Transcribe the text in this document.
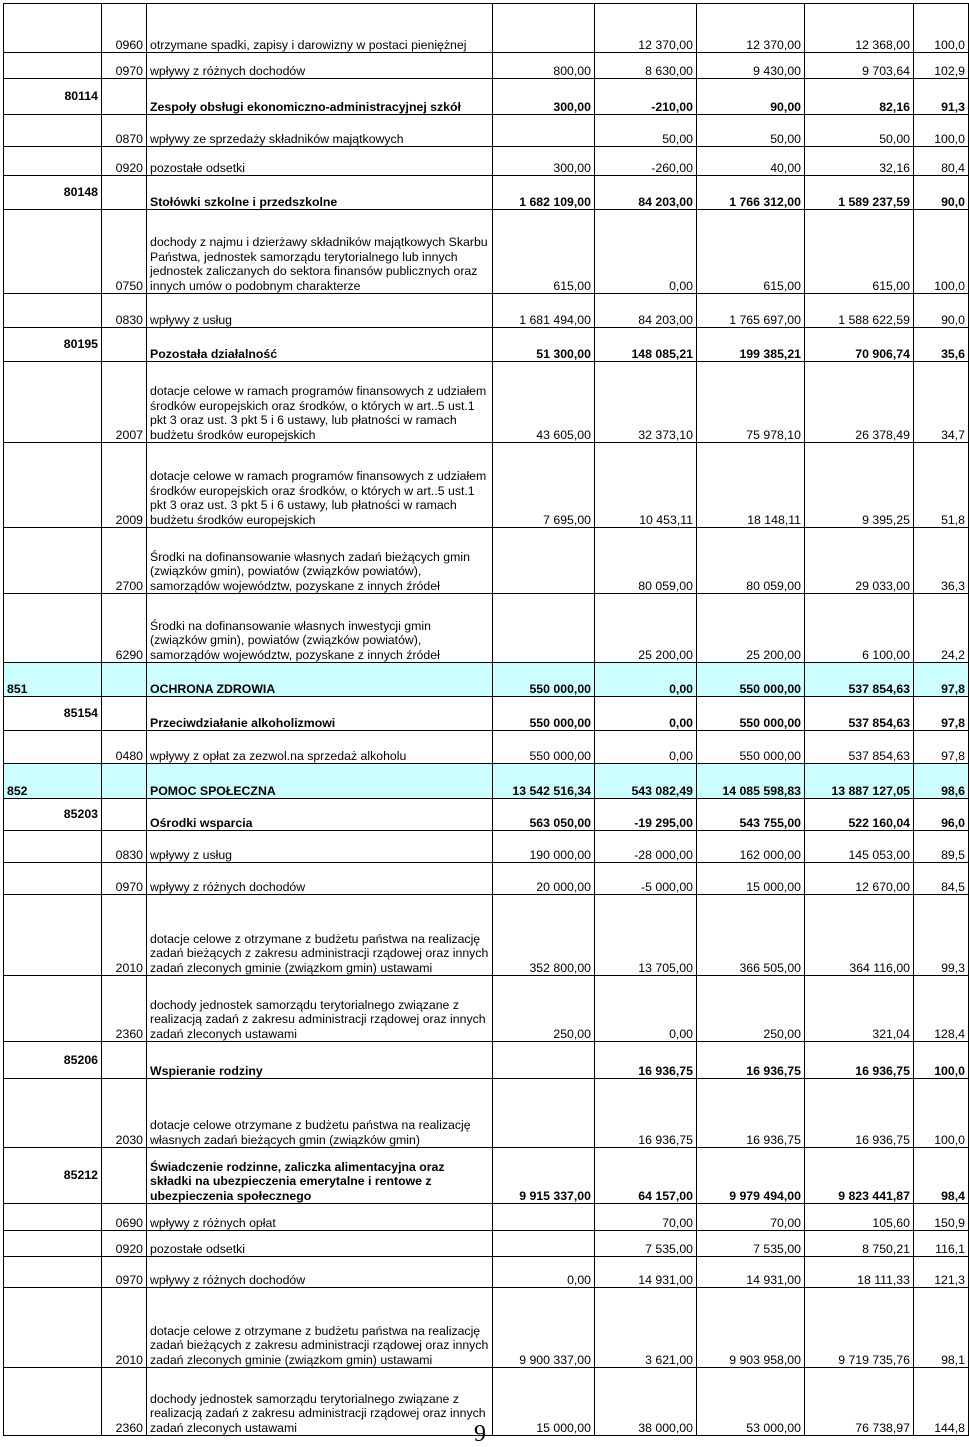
	0960	otrzymane spadki, zapisy i darowizny w postaci pieniężnej		12 370,00	12 370,00	12 368,00	100,0

	0970	wpływy z różnych dochodów	800,00	8 630,00	9 430,00	9 703,64	102,9

80114		Zespoły obsługi ekonomiczno-administracyjnej szkół	300,00	-210,00	90,00	82,16	91,3

	0870	wpływy ze sprzedaży składników majątkowych		50,00	50,00	50,00	100,0

	0920	pozostałe odsetki	300,00	-260,00	40,00	32,16	80,4

80148		Stołówki szkolne i przedszkolne	1 682 109,00	84 203,00	1 766 312,00	1 589 237,59	90,0

	0750	dochody z najmu i dzierżawy składników majątkowych Skarbu Państwa, jednostek samorządu terytorialnego lub innych jednostek zaliczanych do sektora finansów publicznych oraz innych umów o podobnym charakterze	615,00	0,00	615,00	615,00	100,0

	0830	wpływy z usług	1 681 494,00	84 203,00	1 765 697,00	1 588 622,59	90,0

80195		Pozostała działalność	51 300,00	148 085,21	199 385,21	70 906,74	35,6

	2007	dotacje celowe w ramach programów finansowych z udziałem środków europejskich oraz środków, o których w art..5 ust.1 pkt 3 oraz ust. 3 pkt 5 i 6 ustawy, lub płatności w ramach budżetu środków europejskich	43 605,00	32 373,10	75 978,10	26 378,49	34,7

	2009	dotacje celowe w ramach programów finansowych z udziałem środków europejskich oraz środków, o których w art..5 ust.1 pkt 3 oraz ust. 3 pkt 5 i 6 ustawy, lub płatności w ramach budżetu środków europejskich	7 695,00	10 453,11	18 148,11	9 395,25	51,8

	2700	Środki na dofinansowanie własnych zadań bieżących gmin (związków gmin), powiatów (związków powiatów), samorządów województw, pozyskane z innych źródeł		80 059,00	80 059,00	29 033,00	36,3

	6290	Środki na dofinansowanie własnych inwestycji gmin (związków gmin), powiatów (związków powiatów), samorządów województw, pozyskane z innych źródeł		25 200,00	25 200,00	6 100,00	24,2

851		OCHRONA ZDROWIA	550 000,00	0,00	550 000,00	537 854,63	97,8

85154		Przeciwdziałanie alkoholizmowi	550 000,00	0,00	550 000,00	537 854,63	97,8

	0480	wpływy z opłat za zezwol.na sprzedaż alkoholu	550 000,00	0,00	550 000,00	537 854,63	97,8

852		POMOC SPOŁECZNA	13 542 516,34	543 082,49	14 085 598,83	13 887 127,05	98,6

85203		Ośrodki wsparcia	563 050,00	-19 295,00	543 755,00	522 160,04	96,0

	0830	wpływy z usług	190 000,00	-28 000,00	162 000,00	145 053,00	89,5

	0970	wpływy z różnych dochodów	20 000,00	-5 000,00	15 000,00	12 670,00	84,5

	2010	dotacje celowe z otrzymane z budżetu państwa na realizację zadań bieżących z zakresu administracji rządowej oraz innych zadań zleconych gminie (związkom gmin) ustawami	352 800,00	13 705,00	366 505,00	364 116,00	99,3

	2360	dochody jednostek samorządu terytorialnego związane z realizacją zadań z zakresu administracji rządowej oraz innych zadań zleconych ustawami	250,00	0,00	250,00	321,04	128,4

85206		Wspieranie rodziny		16 936,75	16 936,75	16 936,75	100,0

	2030	dotacje celowe otrzymane z budżetu państwa na realizację własnych zadań bieżących gmin (związków gmin)		16 936,75	16 936,75	16 936,75	100,0

85212		Świadczenie rodzinne, zaliczka alimentacyjna oraz składki na ubezpieczenia emerytalne i rentowe z ubezpieczenia społecznego	9 915 337,00	64 157,00	9 979 494,00	9 823 441,87	98,4

	0690	wpływy z różnych opłat		70,00	70,00	105,60	150,9

	0920	pozostałe odsetki		7 535,00	7 535,00	8 750,21	116,1

	0970	wpływy z różnych dochodów	0,00	14 931,00	14 931,00	18 111,33	121,3

	2010	dotacje celowe z otrzymane z budżetu państwa na realizację zadań bieżących z zakresu administracji rządowej oraz innych zadań zleconych gminie (związkom gmin) ustawami	9 900 337,00	3 621,00	9 903 958,00	9 719 735,76	98,1

	2360	dochody jednostek samorządu terytorialnego związane z realizacją zadań z zakresu administracji rządowej oraz innych zadań zleconych ustawami	15 000,00	38 000,00	53 000,00	76 738,97	144,8
9
